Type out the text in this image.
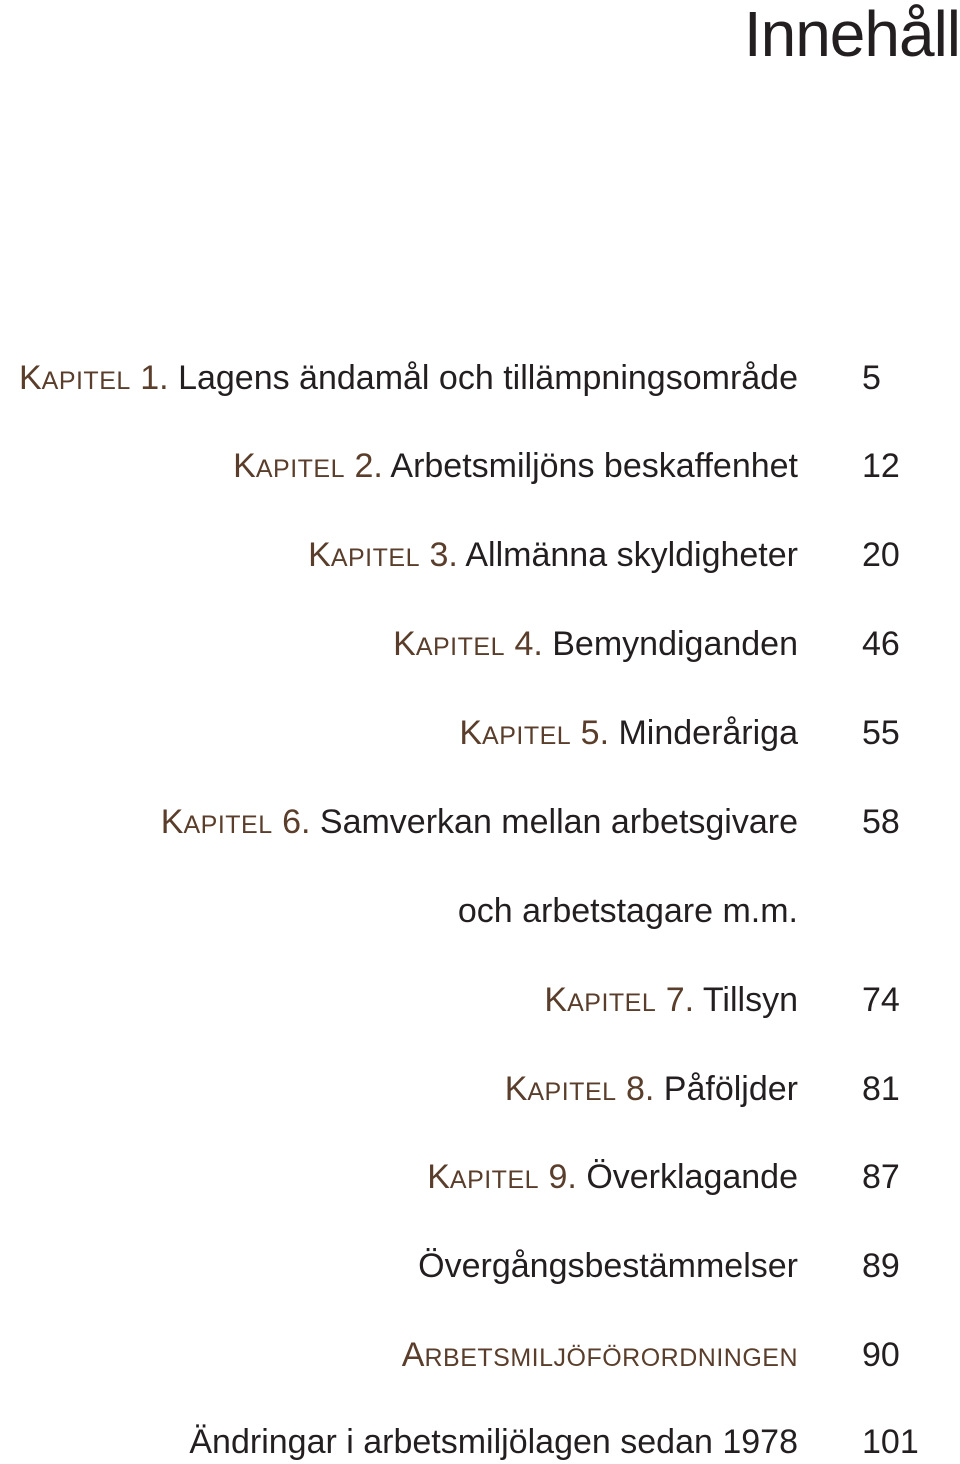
Innehåll
KAPITEL 1. Lagens ändamål och tillämpningsområde 5
KAPITEL 2. Arbetsmiljöns beskaffenhet 12
KAPITEL 3. Allmänna skyldigheter 20
KAPITEL 4. Bemyndiganden 46
KAPITEL 5. Minderåriga 55
KAPITEL 6. Samverkan mellan arbetsgivare 58
och arbetstagare m.m.
KAPITEL 7. Tillsyn 74
KAPITEL 8. Påföljder 81
KAPITEL 9. Överklagande 87
Övergångsbestämmelser 89
ARBETSMILJÖFÖRORDNINGEN 90
Ändringar i arbetsmiljölagen sedan 1978 101
